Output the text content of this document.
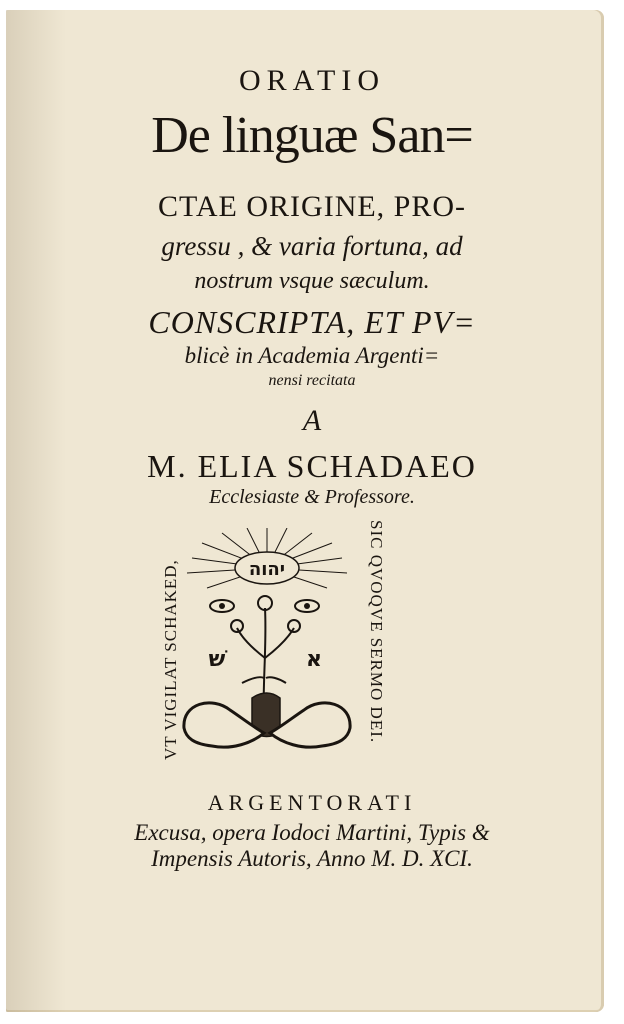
ORATIO
De linguæ San=
CTAE ORIGINE, PRO-
gressu , & varia fortuna, ad
nostrum vsque sæculum.
CONSCRIPTA, ET PV=
blicè in Academia Argenti=
nensi recitata
A
M. ELIA SCHADAEO
Ecclesiaste & Professore.
VT VIGILAT SCHAKED,	SIC QVOQVE SERMO DEI.
יהוה
שׁ	א
ARGENTORATI
Excusa, opera Iodoci Martini, Typis &
Impensis Autoris, Anno M. D. XCI.
